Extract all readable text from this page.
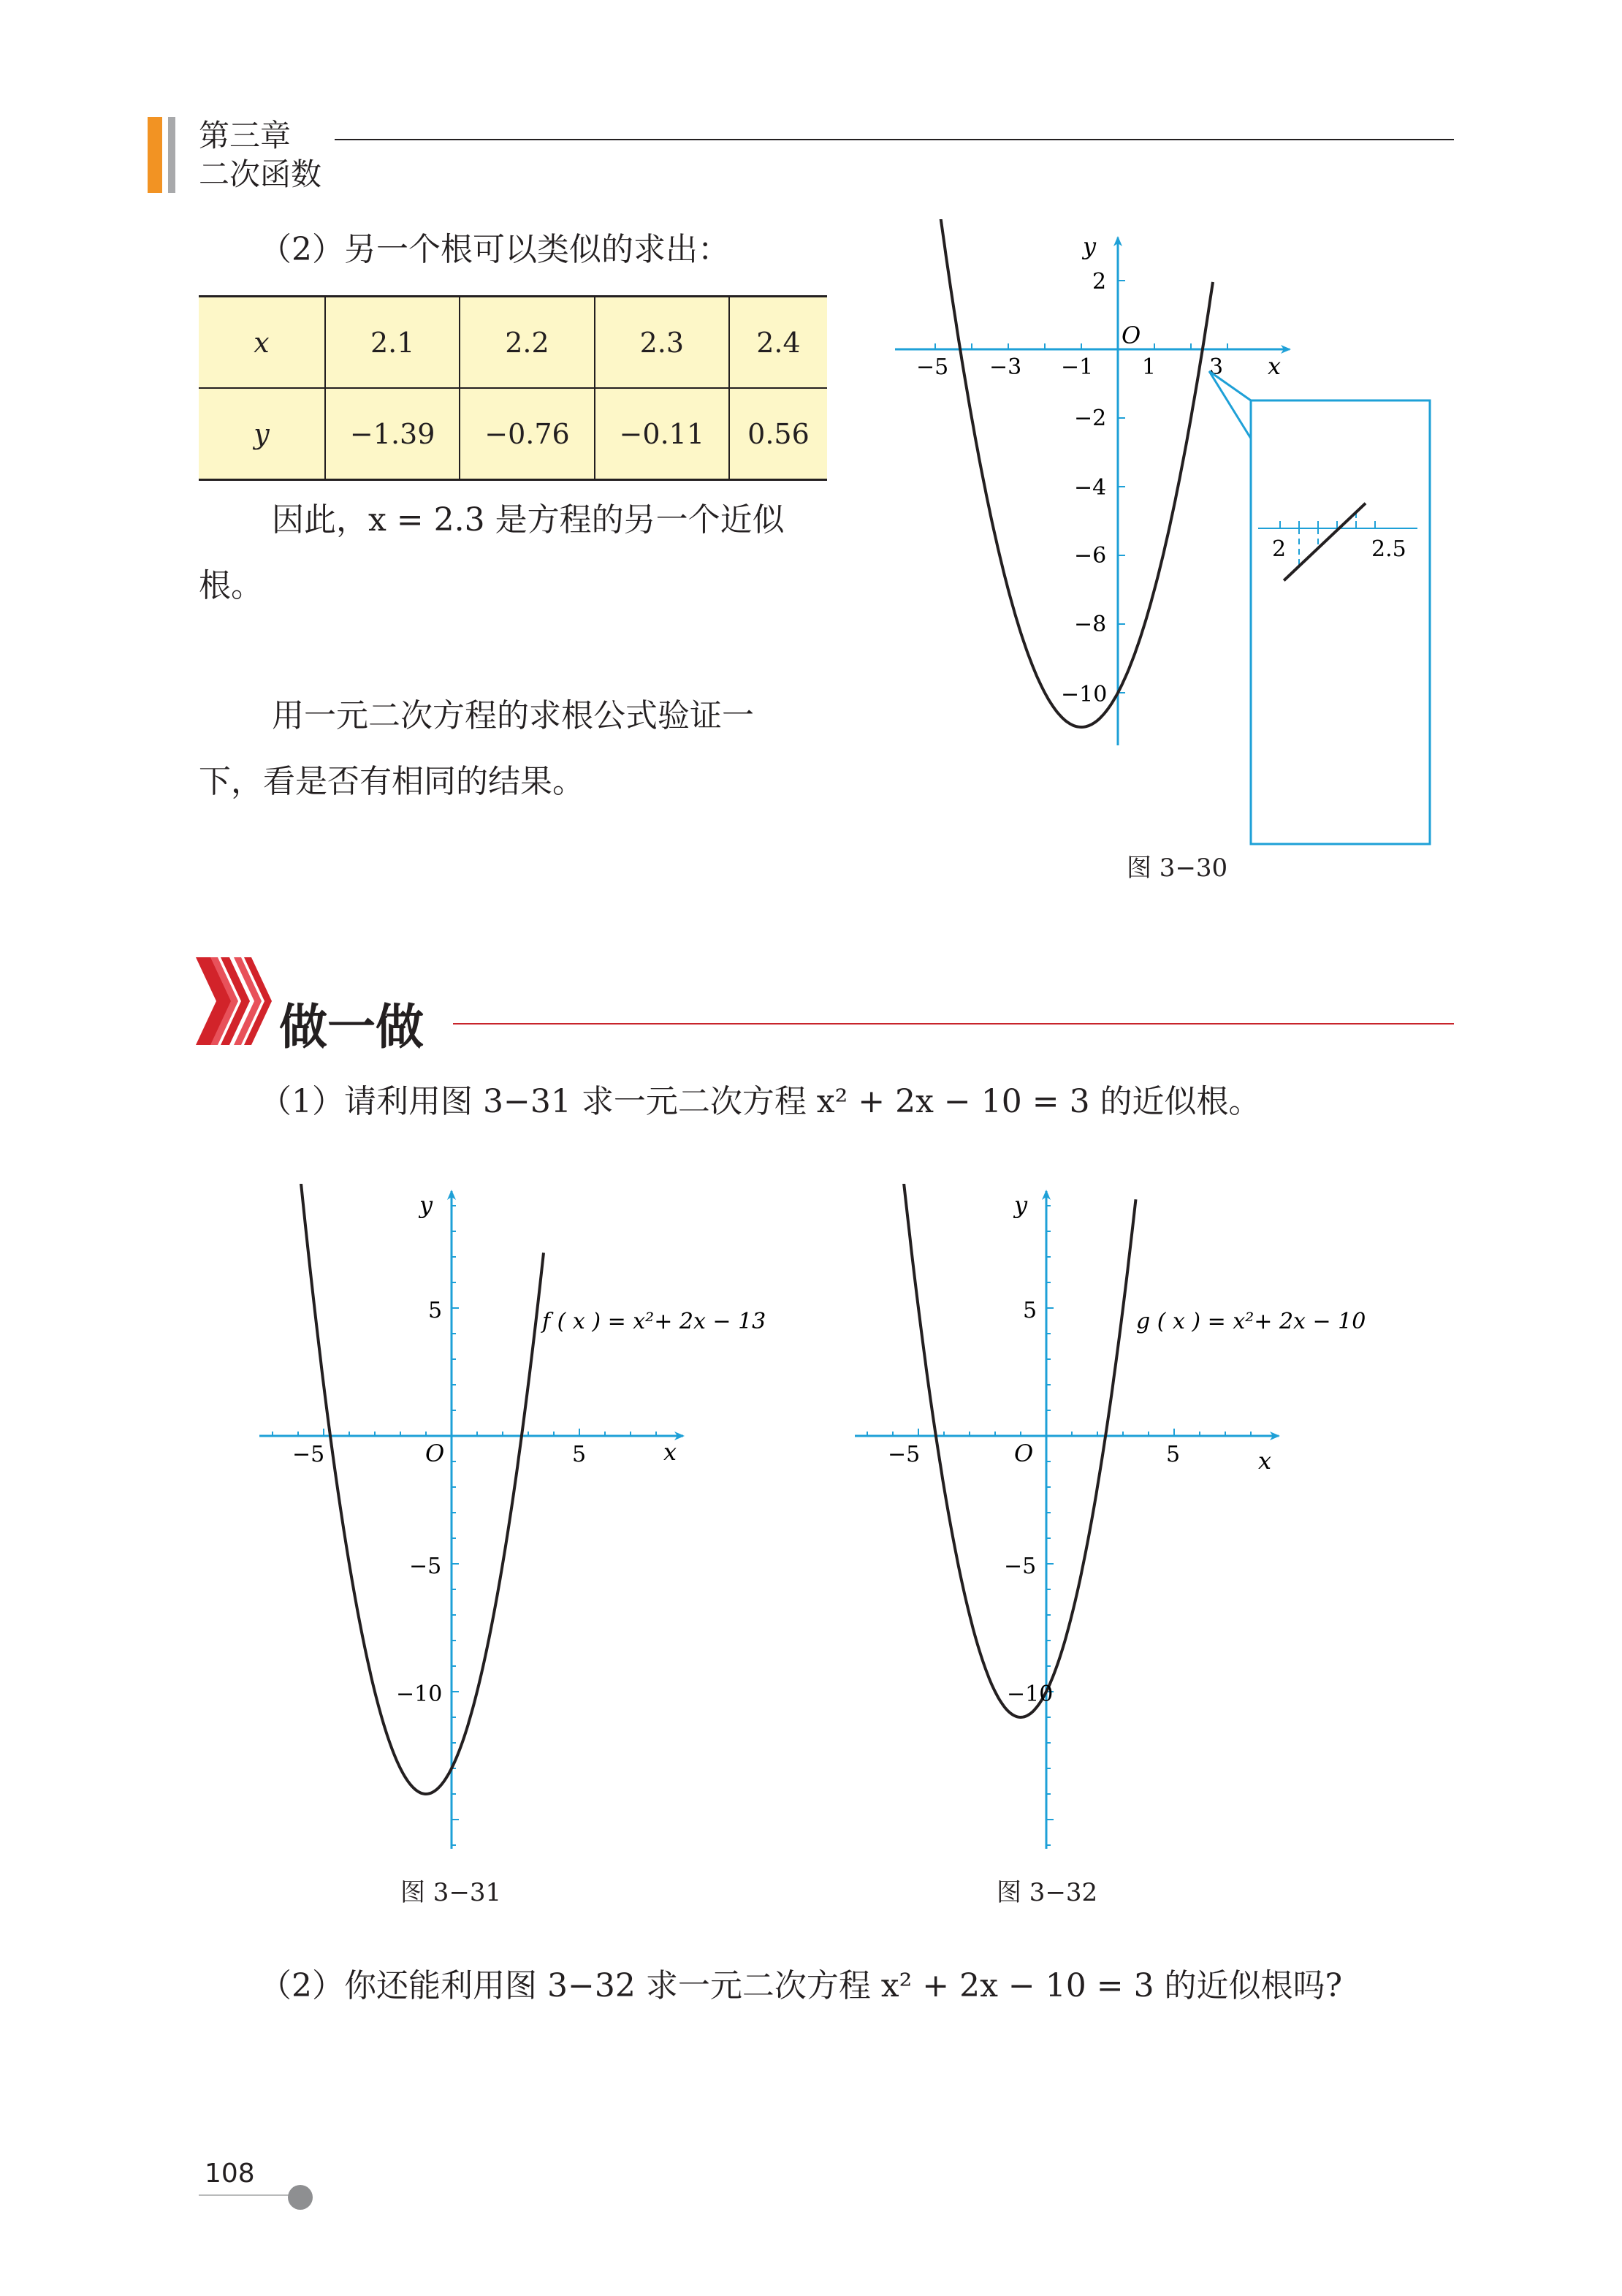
第三章
二次函数
（2）另一个根可以类似的求出：
x	2.1	2.2	2.3	2.4
y	−1.39	−0.76	−0.11	0.56
因此，x = 2.3 是方程的另一个近似
根。
用一元二次方程的求根公式验证一
下，看是否有相同的结果。
x
y
O
−5 −3 −1 1 3
2
−2
−4
−6
−8
−10
2	2.5
图 3−30
做一做
（1）请利用图 3−31 求一元二次方程 x² + 2x − 10 = 3 的近似根。
x
y
O
−5	5
5
−5
−10
f ( x ) = x²+ 2x − 13
图 3−31
x
y
O
−5	5
5
−5
−10
g ( x ) = x²+ 2x − 10
图 3−32
（2）你还能利用图 3−32 求一元二次方程 x² + 2x − 10 = 3 的近似根吗?
108
